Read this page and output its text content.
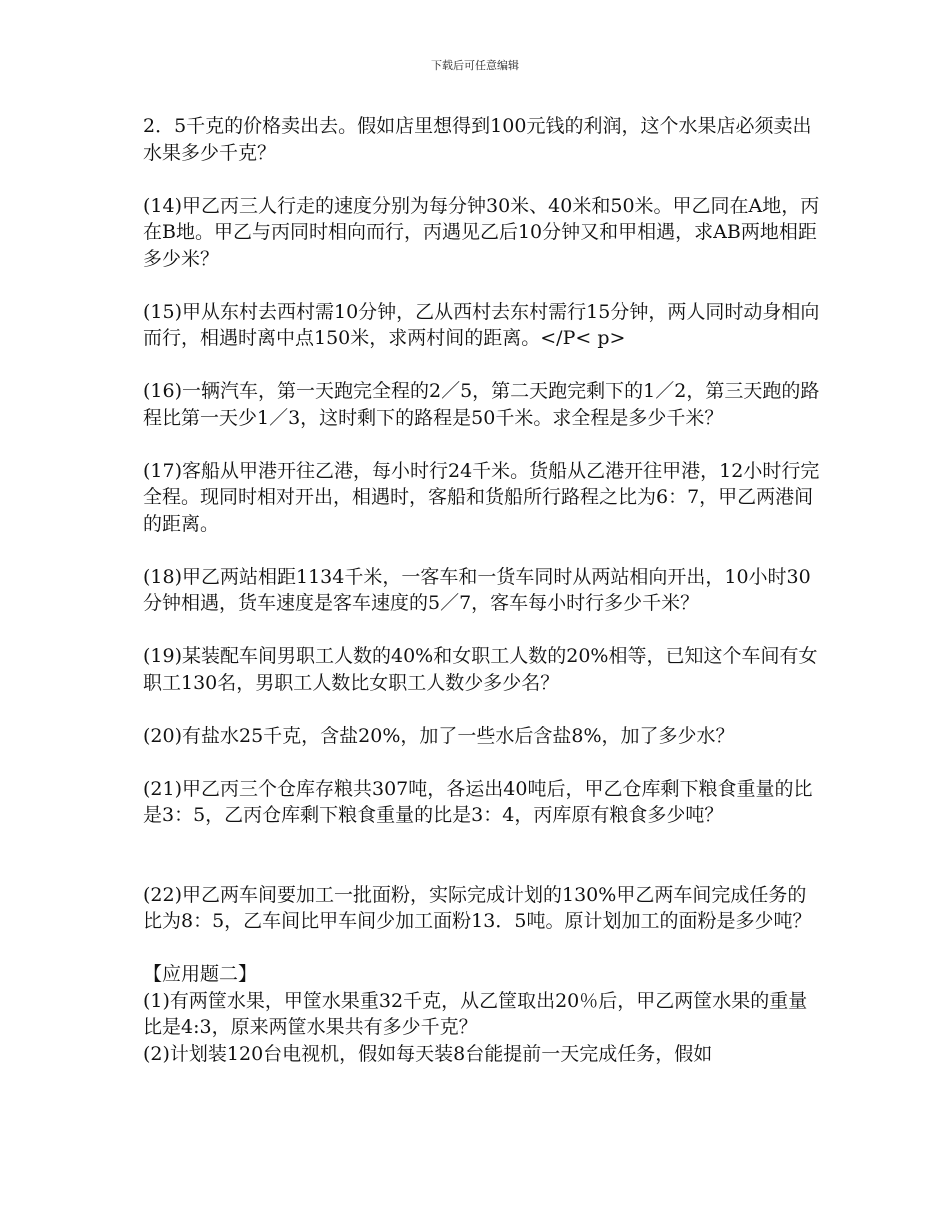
下载后可任意编辑

2．5千克的价格卖出去。假如店里想得到100元钱的利润，这个水果店必须卖出水果多少千克？

(14)甲乙丙三人行走的速度分别为每分钟30米、40米和50米。甲乙同在A地，丙在B地。甲乙与丙同时相向而行，丙遇见乙后10分钟又和甲相遇，求AB两地相距多少米？

(15)甲从东村去西村需10分钟，乙从西村去东村需行15分钟，两人同时动身相向而行，相遇时离中点150米，求两村间的距离。</P< p>

(16)一辆汽车，第一天跑完全程的2／5，第二天跑完剩下的1／2，第三天跑的路程比第一天少1／3，这时剩下的路程是50千米。求全程是多少千米？

(17)客船从甲港开往乙港，每小时行24千米。货船从乙港开往甲港，12小时行完全程。现同时相对开出，相遇时，客船和货船所行路程之比为6：7，甲乙两港间的距离。

(18)甲乙两站相距1134千米，一客车和一货车同时从两站相向开出，10小时30分钟相遇，货车速度是客车速度的5／7，客车每小时行多少千米？

(19)某装配车间男职工人数的40%和女职工人数的20%相等，已知这个车间有女职工130名，男职工人数比女职工人数少多少名？

(20)有盐水25千克，含盐20%，加了一些水后含盐8%，加了多少水？

(21)甲乙丙三个仓库存粮共307吨，各运出40吨后，甲乙仓库剩下粮食重量的比是3：5，乙丙仓库剩下粮食重量的比是3：4，丙库原有粮食多少吨？

(22)甲乙两车间要加工一批面粉，实际完成计划的130%甲乙两车间完成任务的比为8：5，乙车间比甲车间少加工面粉13．5吨。原计划加工的面粉是多少吨？

【应用题二】

(1)有两筐水果，甲筐水果重32千克，从乙筐取出20％后，甲乙两筐水果的重量比是4:3，原来两筐水果共有多少千克？

(2)计划装120台电视机，假如每天装8台能提前一天完成任务，假如
